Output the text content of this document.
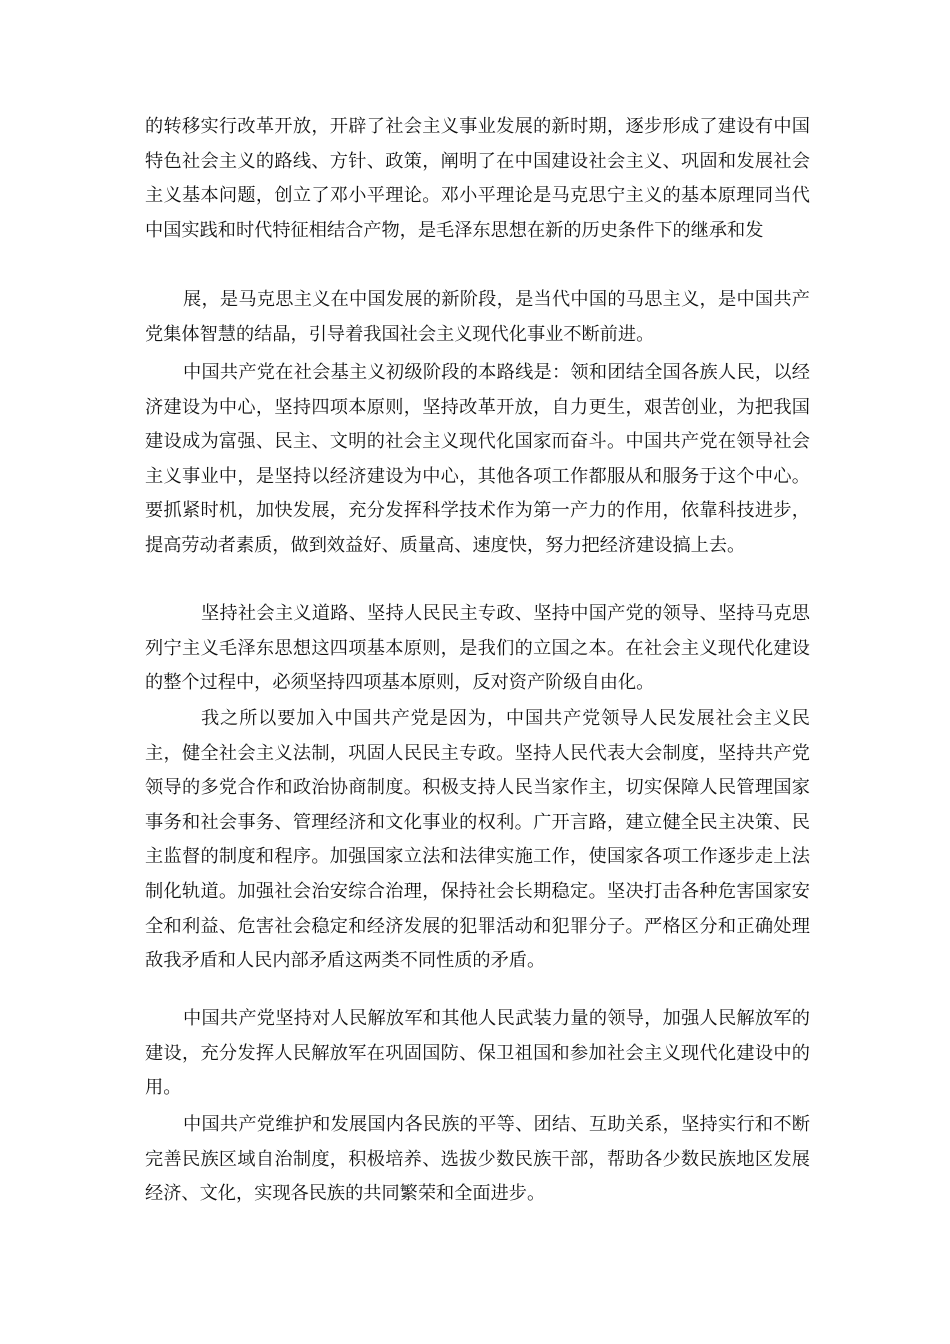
的转移实行改革开放，开辟了社会主义事业发展的新时期，逐步形成了建设有中国特色社会主义的路线、方针、政策，阐明了在中国建设社会主义、巩固和发展社会主义基本问题，创立了邓小平理论。邓小平理论是马克思宁主义的基本原理同当代中国实践和时代特征相结合产物，是毛泽东思想在新的历史条件下的继承和发

展，是马克思主义在中国发展的新阶段，是当代中国的马思主义，是中国共产党集体智慧的结晶，引导着我国社会主义现代化事业不断前进。

中国共产党在社会基主义初级阶段的本路线是：领和团结全国各族人民，以经济建设为中心，坚持四项本原则，坚持改革开放，自力更生，艰苦创业，为把我国建设成为富强、民主、文明的社会主义现代化国家而奋斗。中国共产党在领导社会主义事业中，是坚持以经济建设为中心，其他各项工作都服从和服务于这个中心。要抓紧时机，加快发展，充分发挥科学技术作为第一产力的作用，依靠科技进步，提高劳动者素质，做到效益好、质量高、速度快，努力把经济建设搞上去。

坚持社会主义道路、坚持人民民主专政、坚持中国产党的领导、坚持马克思列宁主义毛泽东思想这四项基本原则，是我们的立国之本。在社会主义现代化建设的整个过程中，必须坚持四项基本原则，反对资产阶级自由化。

我之所以要加入中国共产党是因为，中国共产党领导人民发展社会主义民主，健全社会主义法制，巩固人民民主专政。坚持人民代表大会制度，坚持共产党领导的多党合作和政治协商制度。积极支持人民当家作主，切实保障人民管理国家事务和社会事务、管理经济和文化事业的权利。广开言路，建立健全民主决策、民主监督的制度和程序。加强国家立法和法律实施工作，使国家各项工作逐步走上法制化轨道。加强社会治安综合治理，保持社会长期稳定。坚决打击各种危害国家安全和利益、危害社会稳定和经济发展的犯罪活动和犯罪分子。严格区分和正确处理敌我矛盾和人民内部矛盾这两类不同性质的矛盾。

中国共产党坚持对人民解放军和其他人民武装力量的领导，加强人民解放军的建设，充分发挥人民解放军在巩固国防、保卫祖国和参加社会主义现代化建设中的用。

中国共产党维护和发展国内各民族的平等、团结、互助关系，坚持实行和不断完善民族区域自治制度，积极培养、选拔少数民族干部，帮助各少数民族地区发展经济、文化，实现各民族的共同繁荣和全面进步。
